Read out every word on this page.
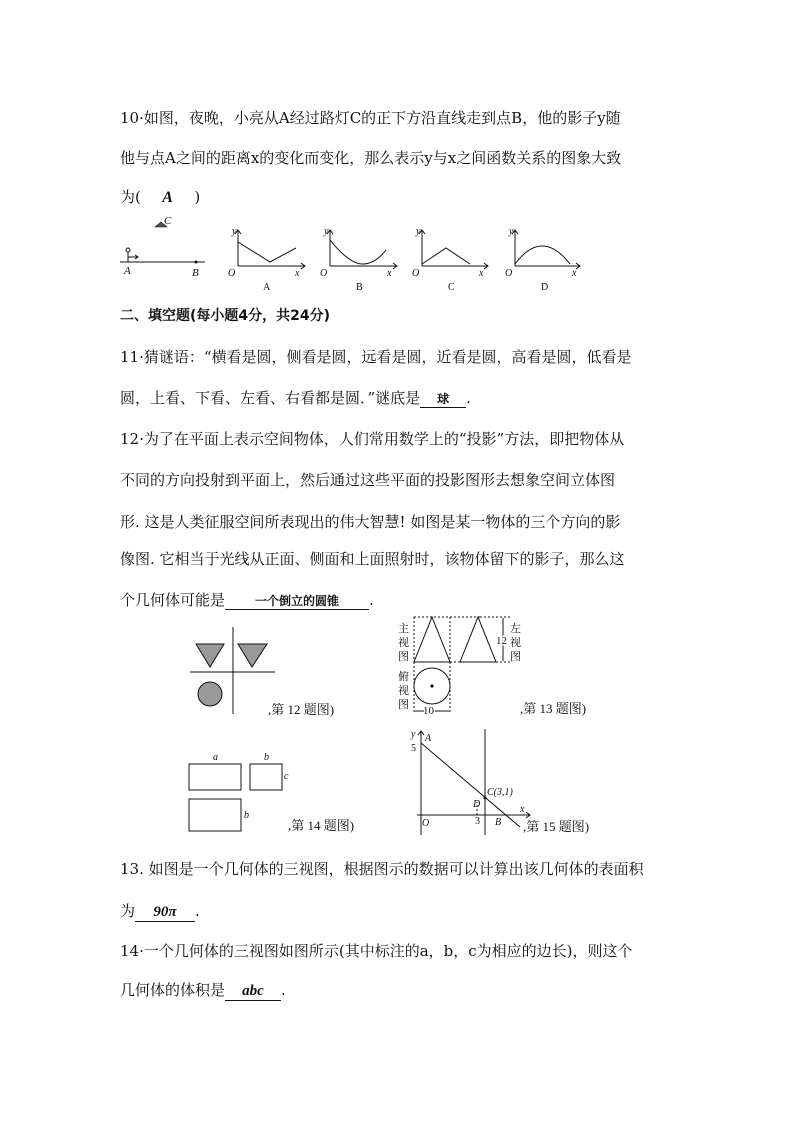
10·如图，夜晚，小亮从A经过路灯C的正下方沿直线走到点B，他的影子y随
他与点A之间的距离x的变化而变化，那么表示y与x之间函数关系的图象大致
为( A )
C
A	B
y
x
O
A
y
x
O
B
y
x
O
C
y
x
O
D
二、填空题(每小题4分，共24分)
11·猜谜语：“横看是圆，侧看是圆，远看是圆，近看是圆，高看是圆，低看是
圆，上看、下看、左看、右看都是圆．”谜底是 球 .
12·为了在平面上表示空间物体，人们常用数学上的“投影”方法，即把物体从
不同的方向投射到平面上，然后通过这些平面的投影图形去想象空间立体图
形. 这是人类征服空间所表现出的伟大智慧! 如图是某一物体的三个方向的影
像图. 它相当于光线从正面、侧面和上面照射时，该物体留下的影子，那么这
个几何体可能是 一个倒立的圆锥 .
,第 12 题图)
主
视
图
12
左
视
图
俯
视
图 10	,第 13 题图)
a	b
c
b
,第 14 题图)
y
x
O
5
A
C(3,1)
D
3 B ,第 15 题图)
13. 如图是一个几何体的三视图，根据图示的数据可以计算出该几何体的表面积
为 90π .
14·一个几何体的三视图如图所示(其中标注的a，b，c为相应的边长)，则这个
几何体的体积是 abc .
